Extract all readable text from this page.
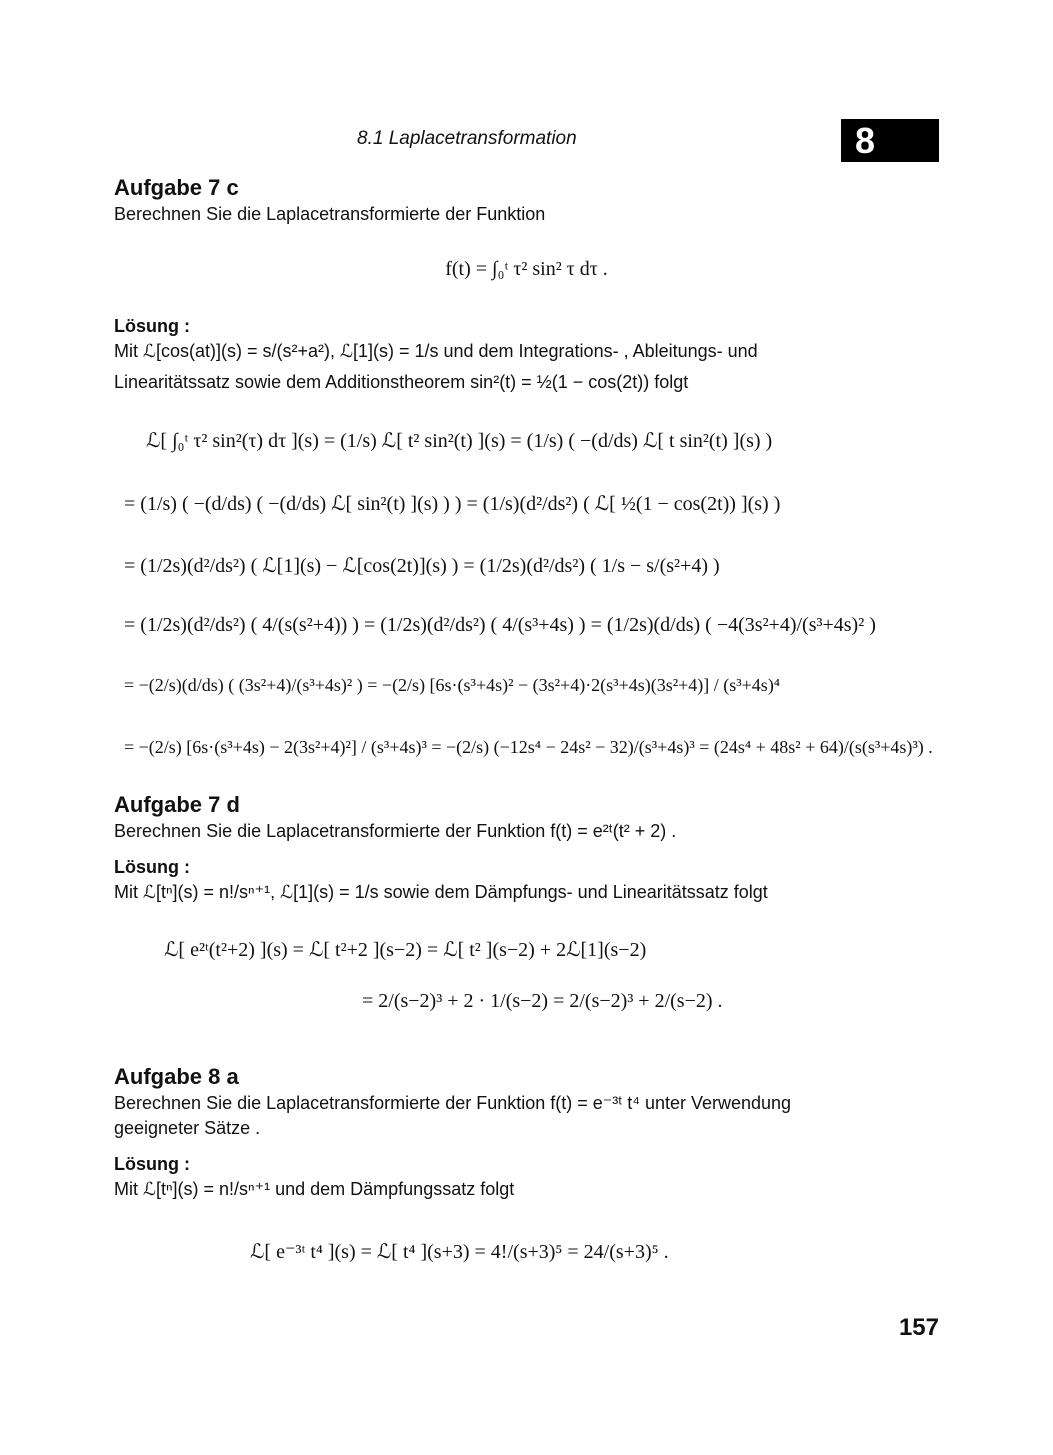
8.1 Laplacetransformation	8
Aufgabe 7 c
Berechnen Sie die Laplacetransformierte der Funktion
f(t) = ∫₀ᵗ τ² sin² τ dτ .
Lösung :
Mit ℒ[cos(at)](s) = s/(s²+a²), ℒ[1](s) = 1/s und dem Integrations- , Ableitungs- und
Linearitätssatz sowie dem Additionstheorem sin²(t) = ½(1 − cos(2t)) folgt
ℒ[ ∫₀ᵗ τ² sin²(τ) dτ ](s) = (1/s) ℒ[ t² sin²(t) ](s) = (1/s) ( −(d/ds) ℒ[ t sin²(t) ](s) )
= (1/s) ( −(d/ds) ( −(d/ds) ℒ[ sin²(t) ](s) ) ) = (1/s)(d²/ds²) ( ℒ[ ½(1 − cos(2t)) ](s) )
= (1/2s)(d²/ds²) ( ℒ[1](s) − ℒ[cos(2t)](s) ) = (1/2s)(d²/ds²) ( 1/s − s/(s²+4) )
= (1/2s)(d²/ds²) ( 4/(s(s²+4)) ) = (1/2s)(d²/ds²) ( 4/(s³+4s) ) = (1/2s)(d/ds) ( −4(3s²+4)/(s³+4s)² )
= −(2/s)(d/ds) ( (3s²+4)/(s³+4s)² ) = −(2/s) [6s·(s³+4s)² − (3s²+4)·2(s³+4s)(3s²+4)] / (s³+4s)⁴
= −(2/s) [6s·(s³+4s) − 2(3s²+4)²] / (s³+4s)³ = −(2/s) (−12s⁴ − 24s² − 32)/(s³+4s)³ = (24s⁴ + 48s² + 64)/(s(s³+4s)³) .
Aufgabe 7 d
Berechnen Sie die Laplacetransformierte der Funktion f(t) = e²ᵗ(t² + 2) .
Lösung :
Mit ℒ[tⁿ](s) = n!/sⁿ⁺¹, ℒ[1](s) = 1/s sowie dem Dämpfungs- und Linearitätssatz folgt
ℒ[ e²ᵗ(t²+2) ](s) = ℒ[ t²+2 ](s−2) = ℒ[ t² ](s−2) + 2ℒ[1](s−2)
= 2/(s−2)³ + 2 · 1/(s−2) = 2/(s−2)³ + 2/(s−2) .
Aufgabe 8 a
Berechnen Sie die Laplacetransformierte der Funktion f(t) = e⁻³ᵗ t⁴ unter Verwendung
geeigneter Sätze .
Lösung :
Mit ℒ[tⁿ](s) = n!/sⁿ⁺¹ und dem Dämpfungssatz folgt
ℒ[ e⁻³ᵗ t⁴ ](s) = ℒ[ t⁴ ](s+3) = 4!/(s+3)⁵ = 24/(s+3)⁵ .
157
